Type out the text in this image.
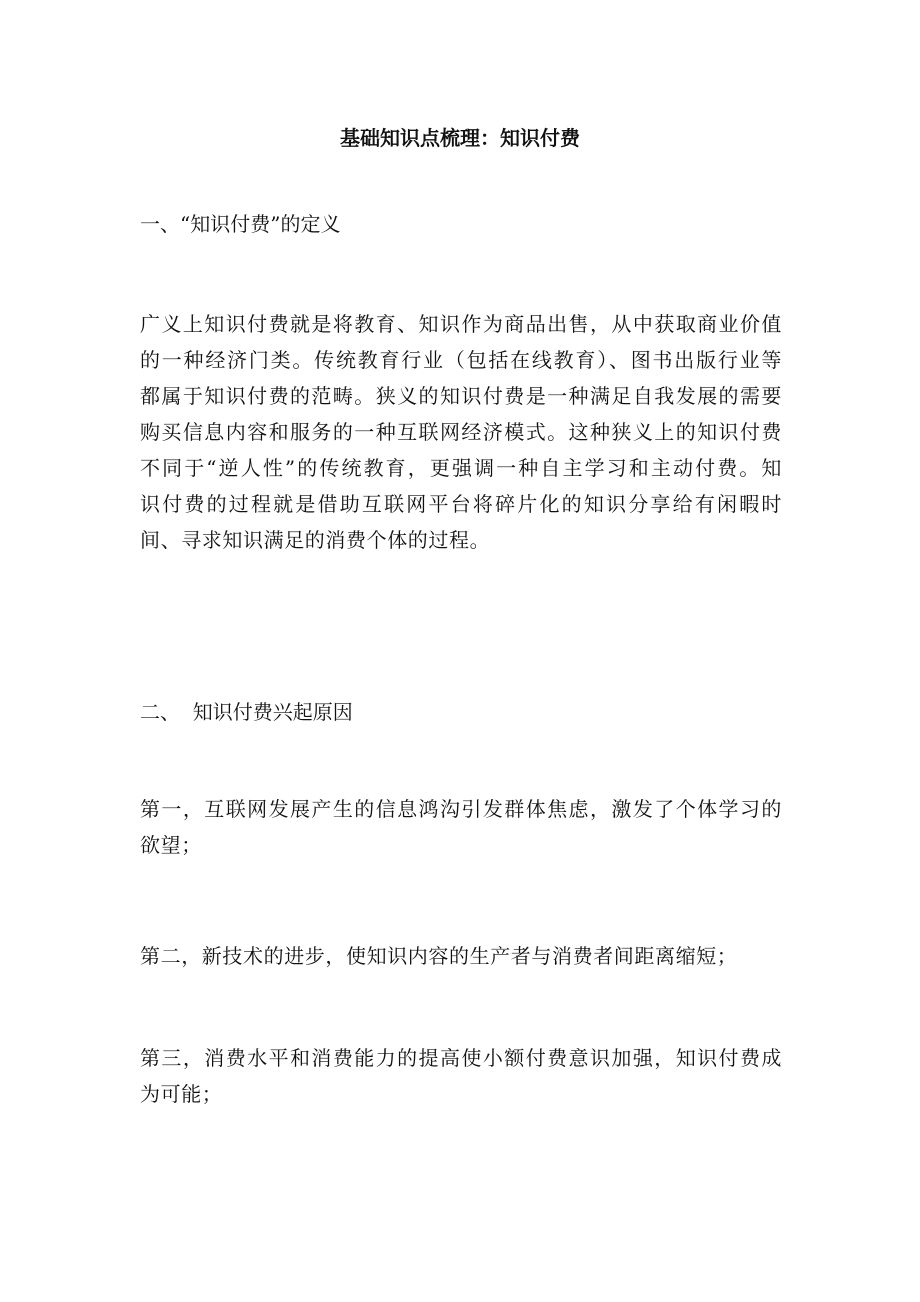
基础知识点梳理：知识付费
一、“知识付费”的定义
广义上知识付费就是将教育、知识作为商品出售，从中获取商业价值
的一种经济门类。传统教育行业（包括在线教育）、图书出版行业等
都属于知识付费的范畴。狭义的知识付费是一种满足自我发展的需要
购买信息内容和服务的一种互联网经济模式。这种狭义上的知识付费
不同于“逆人性”的传统教育，更强调一种自主学习和主动付费。知
识付费的过程就是借助互联网平台将碎片化的知识分享给有闲暇时
间、寻求知识满足的消费个体的过程。
二、  知识付费兴起原因
第一，互联网发展产生的信息鸿沟引发群体焦虑，激发了个体学习的
欲望；
第二，新技术的进步，使知识内容的生产者与消费者间距离缩短；
第三，消费水平和消费能力的提高使小额付费意识加强，知识付费成
为可能；
